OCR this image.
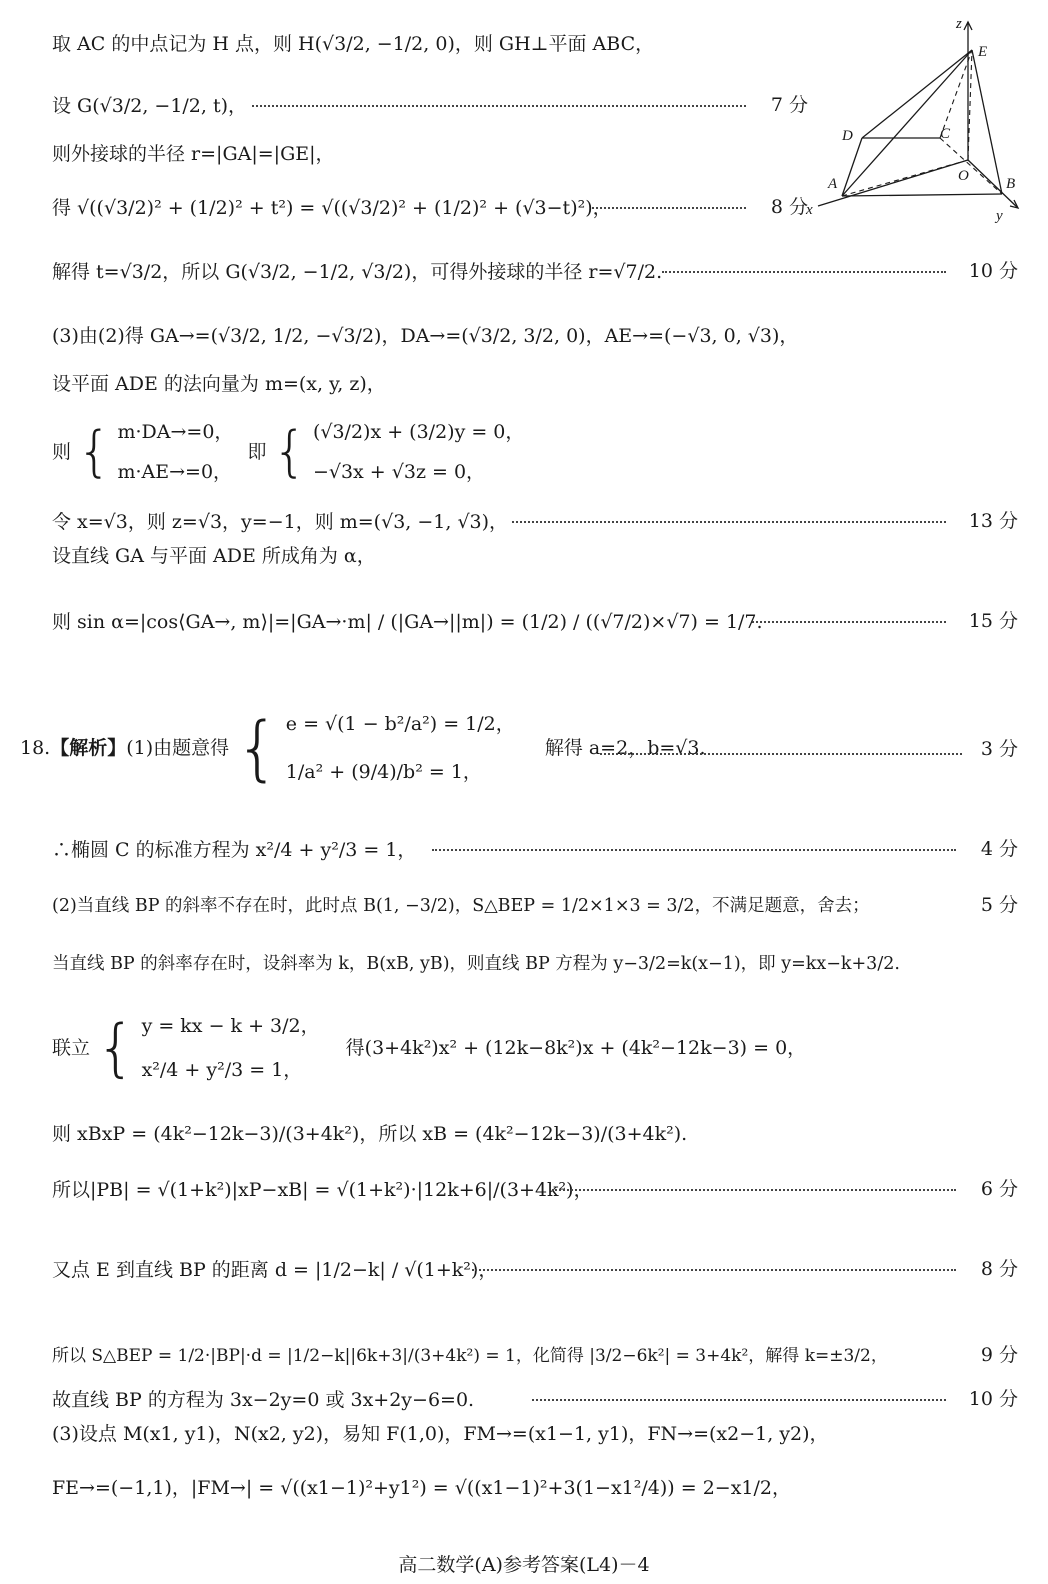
取 AC 的中点记为 H 点，则 H(√3/2, −1/2, 0)，则 GH⊥平面 ABC，
设 G(√3/2, −1/2, t)，	7 分
则外接球的半径 r=|GA|=|GE|，
得 √((√3/2)² + (1/2)² + t²) = √((√3/2)² + (1/2)² + (√3−t)²)，	8 分
解得 t=√3/2，所以 G(√3/2, −1/2, √3/2)，可得外接球的半径 r=√7/2.	10 分
(3)由(2)得 GA→=(√3/2, 1/2, −√3/2)，DA→=(√3/2, 3/2, 0)，AE→=(−√3, 0, √3)，
设平面 ADE 的法向量为 m=(x, y, z)，
则 { m·DA→=0，
m·AE→=0，
即 { (√3/2)x + (3/2)y = 0，
−√3x + √3z = 0，
令 x=√3，则 z=√3，y=−1，则 m=(√3, −1, √3)，	13 分
设直线 GA 与平面 ADE 所成角为 α，
则 sin α=|cos⟨GA→, m⟩|=|GA→·m| / (|GA→||m|) = (1/2) / ((√7/2)×√7) = 1/7.	15 分
18.【解析】(1)由题意得 { e = √(1 − b²/a²) = 1/2，
1/a² + (9/4)/b² = 1，
解得 a=2，b=√3.	3 分
∴椭圆 C 的标准方程为 x²/4 + y²/3 = 1，	4 分
(2)当直线 BP 的斜率不存在时，此时点 B(1, −3/2)，S△BEP = 1/2×1×3 = 3/2，不满足题意，舍去；	5 分
当直线 BP 的斜率存在时，设斜率为 k，B(xB, yB)，则直线 BP 方程为 y−3/2=k(x−1)，即 y=kx−k+3/2.
联立 { y = kx − k + 3/2，
x²/4 + y²/3 = 1，
得(3+4k²)x² + (12k−8k²)x + (4k²−12k−3) = 0，
则 xBxP = (4k²−12k−3)/(3+4k²)，所以 xB = (4k²−12k−3)/(3+4k²).
所以|PB| = √(1+k²)|xP−xB| = √(1+k²)·|12k+6|/(3+4k²)，	6 分
又点 E 到直线 BP 的距离 d = |1/2−k| / √(1+k²)，	8 分
所以 S△BEP = 1/2·|BP|·d = |1/2−k||6k+3|/(3+4k²) = 1，化简得 |3/2−6k²| = 3+4k²，解得 k=±3/2，	9 分
故直线 BP 的方程为 3x−2y=0 或 3x+2y−6=0.	10 分
(3)设点 M(x1, y1)，N(x2, y2)，易知 F(1,0)，FM→=(x1−1, y1)，FN→=(x2−1, y2)，
FE→=(−1,1)，|FM→| = √((x1−1)²+y1²) = √((x1−1)²+3(1−x1²/4)) = 2−x1/2，
高二数学(A)参考答案(L4)－4
z
E
D	C
O
A	B
x	y
